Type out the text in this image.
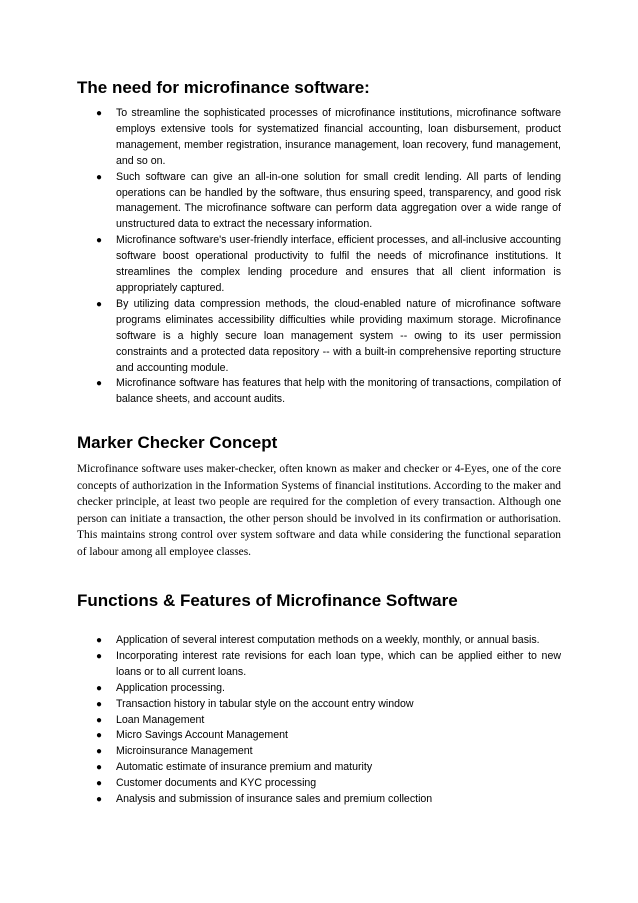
The need for microfinance software:
● To streamline the sophisticated processes of microfinance institutions, microfinance software employs extensive tools for systematized financial accounting, loan disbursement, product management, member registration, insurance management, loan recovery, fund management, and so on.
● Such software can give an all-in-one solution for small credit lending. All parts of lending operations can be handled by the software, thus ensuring speed, transparency, and good risk management. The microfinance software can perform data aggregation over a wide range of unstructured data to extract the necessary information.
● Microfinance software's user-friendly interface, efficient processes, and all-inclusive accounting software boost operational productivity to fulfil the needs of microfinance institutions. It streamlines the complex lending procedure and ensures that all client information is appropriately captured.
● By utilizing data compression methods, the cloud-enabled nature of microfinance software programs eliminates accessibility difficulties while providing maximum storage. Microfinance software is a highly secure loan management system -- owing to its user permission constraints and a protected data repository -- with a built-in comprehensive reporting structure and accounting module.
● Microfinance software has features that help with the monitoring of transactions, compilation of balance sheets, and account audits.
Marker Checker Concept

Microfinance software uses maker-checker, often known as maker and checker or 4-Eyes, one of the core concepts of authorization in the Information Systems of financial institutions. According to the maker and checker principle, at least two people are required for the completion of every transaction. Although one person can initiate a transaction, the other person should be involved in its confirmation or authorisation. This maintains strong control over system software and data while considering the functional separation of labour among all employee classes.

Functions & Features of Microfinance Software
● Application of several interest computation methods on a weekly, monthly, or annual basis.
● Incorporating interest rate revisions for each loan type, which can be applied either to new loans or to all current loans.
● Application processing.
● Transaction history in tabular style on the account entry window
● Loan Management
● Micro Savings Account Management
● Microinsurance Management
● Automatic estimate of insurance premium and maturity
● Customer documents and KYC processing
● Analysis and submission of insurance sales and premium collection
